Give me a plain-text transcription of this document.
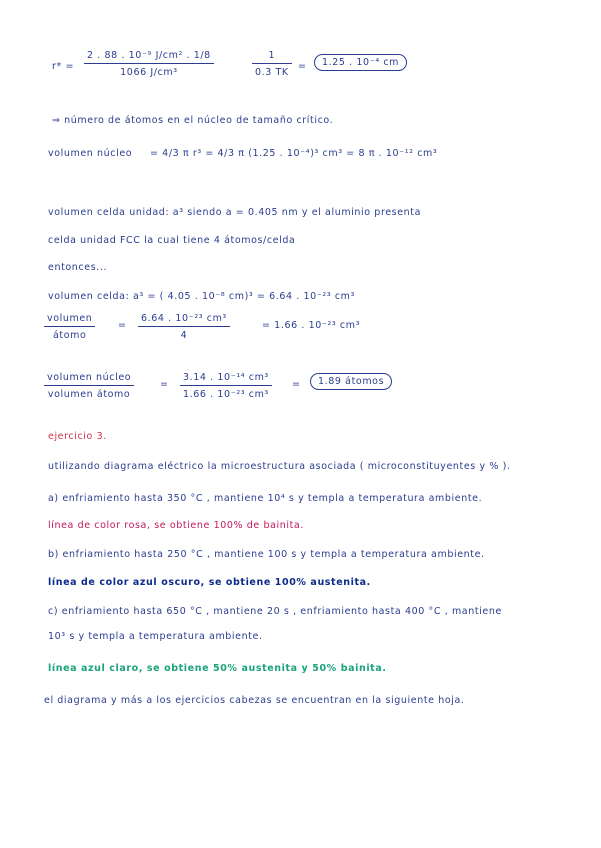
r* =
2 . 88 . 10⁻⁹ J/cm² . 1/8
1066 J/cm³
1
0.3 TK
=	1.25 . 10⁻⁴ cm
⇒ número de átomos en el núcleo de tamaño crítico.
volumen núcleo = 4/3 π r³ = 4/3 π (1.25 . 10⁻⁴)³ cm³ = 8 π . 10⁻¹² cm³
volumen celda unidad: a³ siendo a = 0.405 nm y el aluminio presenta
celda unidad FCC la cual tiene 4 átomos/celda
entonces...
volumen celda: a³ = ( 4.05 . 10⁻⁸ cm)³ = 6.64 . 10⁻²³ cm³
volumen
átomo
=
6.64 . 10⁻²³ cm³
4
= 1.66 . 10⁻²³ cm³
volumen núcleo
volumen átomo
=
3.14 . 10⁻¹⁴ cm³
1.66 . 10⁻²³ cm³
=	1.89 átomos
ejercicio 3.
utilizando diagrama eléctrico la microestructura asociada ( microconstituyentes y % ).
a) enfriamiento hasta 350 °C , mantiene 10⁴ s y templa a temperatura ambiente.
línea de color rosa, se obtiene 100% de bainita.
b) enfriamiento hasta 250 °C , mantiene 100 s y templa a temperatura ambiente.
línea de color azul oscuro, se obtiene 100% austenita.
c) enfriamiento hasta 650 °C , mantiene 20 s , enfriamiento hasta 400 °C , mantiene
10³ s y templa a temperatura ambiente.
línea azul claro, se obtiene 50% austenita y 50% bainita.
el diagrama y más a los ejercicios cabezas se encuentran en la siguiente hoja.
